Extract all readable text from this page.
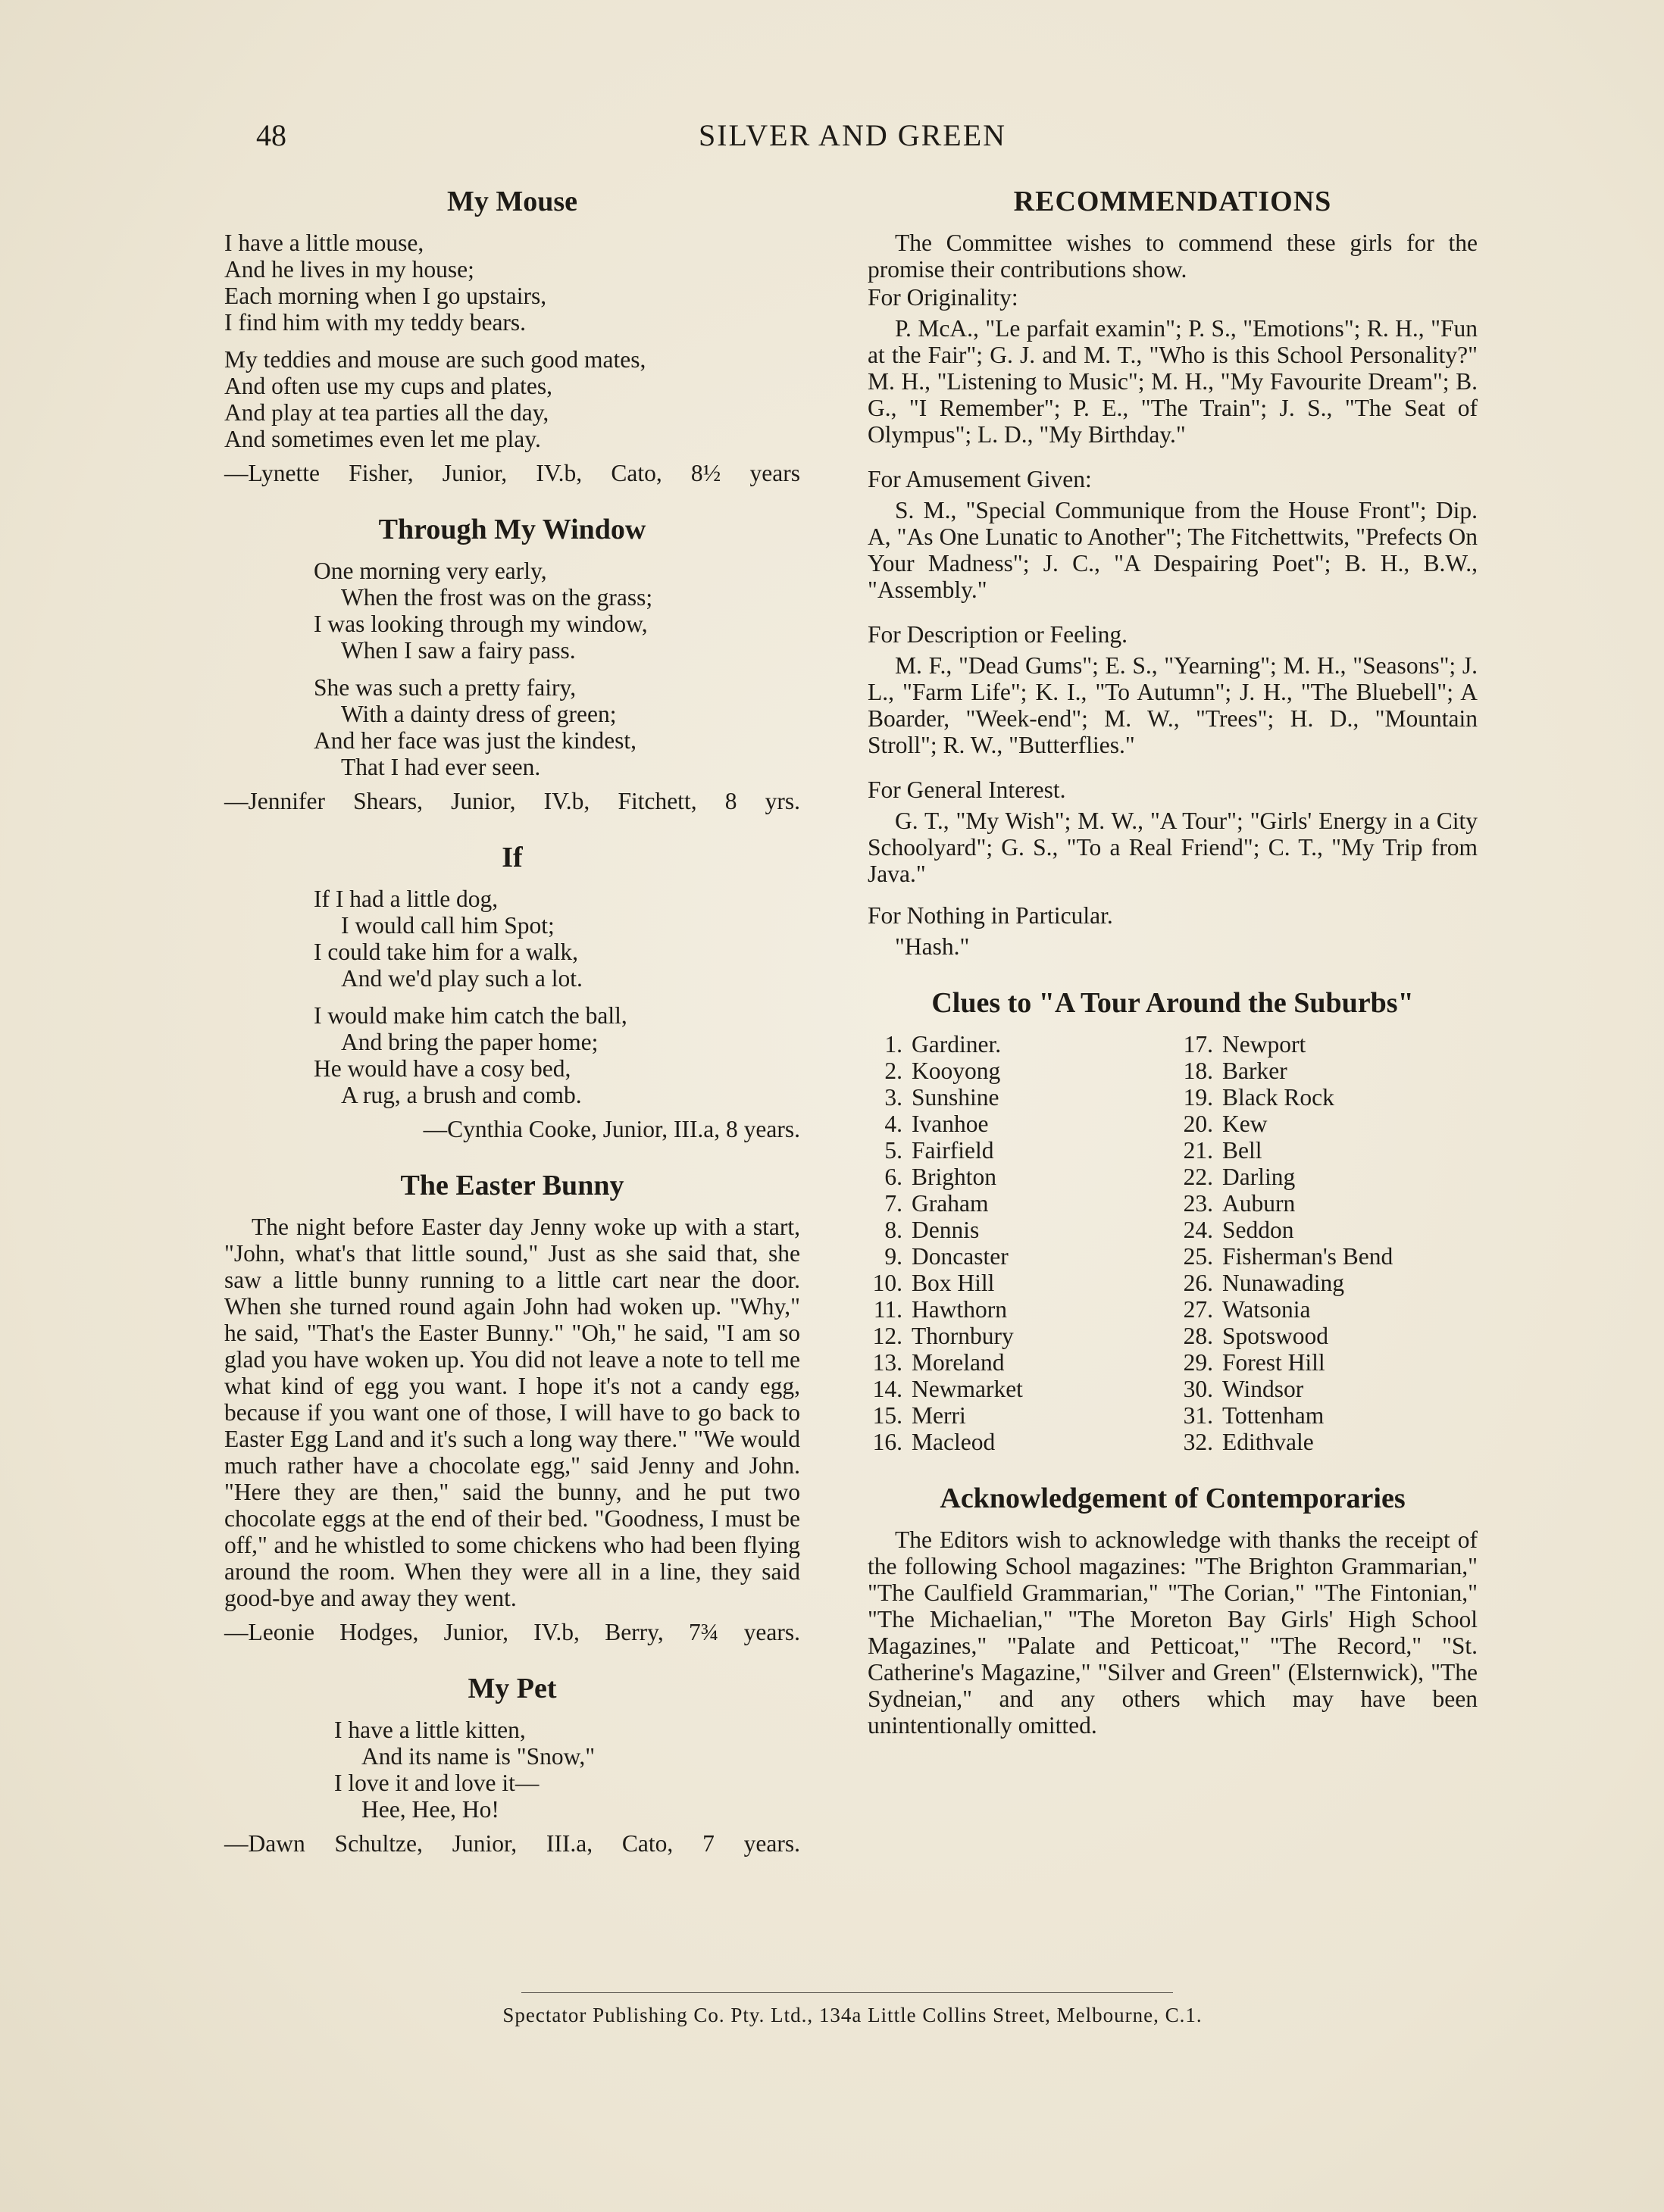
48	SILVER AND GREEN
My Mouse

I have a little mouse,

And he lives in my house;

Each morning when I go upstairs,

I find him with my teddy bears.

My teddies and mouse are such good mates,

And often use my cups and plates,

And play at tea parties all the day,

And sometimes even let me play.

—Lynette Fisher, Junior, IV.b, Cato, 8½ years

Through My Window

One morning very early,

When the frost was on the grass;

I was looking through my window,

When I saw a fairy pass.

She was such a pretty fairy,

With a dainty dress of green;

And her face was just the kindest,

That I had ever seen.

—Jennifer Shears, Junior, IV.b, Fitchett, 8 yrs.

If

If I had a little dog,

I would call him Spot;

I could take him for a walk,

And we'd play such a lot.

I would make him catch the ball,

And bring the paper home;

He would have a cosy bed,

A rug, a brush and comb.

—Cynthia Cooke, Junior, III.a, 8 years.

The Easter Bunny

The night before Easter day Jenny woke up with a start, "John, what's that little sound," Just as she said that, she saw a little bunny running to a little cart near the door. When she turned round again John had woken up. "Why," he said, "That's the Easter Bunny." "Oh," he said, "I am so glad you have woken up. You did not leave a note to tell me what kind of egg you want. I hope it's not a candy egg, because if you want one of those, I will have to go back to Easter Egg Land and it's such a long way there." "We would much rather have a chocolate egg," said Jenny and John. "Here they are then," said the bunny, and he put two chocolate eggs at the end of their bed. "Goodness, I must be off," and he whistled to some chickens who had been flying around the room. When they were all in a line, they said good-bye and away they went.

—Leonie Hodges, Junior, IV.b, Berry, 7¾ years.

My Pet

I have a little kitten,

And its name is "Snow,"

I love it and love it—

Hee, Hee, Ho!

—Dawn Schultze, Junior, III.a, Cato, 7 years.

RECOMMENDATIONS

The Committee wishes to commend these girls for the promise their contributions show.

For Originality:

P. McA., "Le parfait examin"; P. S., "Emotions"; R. H., "Fun at the Fair"; G. J. and M. T., "Who is this School Personality?" M. H., "Listening to Music"; M. H., "My Favourite Dream"; B. G., "I Remember"; P. E., "The Train"; J. S., "The Seat of Olympus"; L. D., "My Birthday."

For Amusement Given:

S. M., "Special Communique from the House Front"; Dip. A, "As One Lunatic to Another"; The Fitchettwits, "Prefects On Your Madness"; J. C., "A Despairing Poet"; B. H., B.W., "Assembly."

For Description or Feeling.

M. F., "Dead Gums"; E. S., "Yearning"; M. H., "Seasons"; J. L., "Farm Life"; K. I., "To Autumn"; J. H., "The Bluebell"; A Boarder, "Week-end"; M. W., "Trees"; H. D., "Mountain Stroll"; R. W., "Butterflies."

For General Interest.

G. T., "My Wish"; M. W., "A Tour"; "Girls' Energy in a City Schoolyard"; G. S., "To a Real Friend"; C. T., "My Trip from Java."

For Nothing in Particular.

"Hash."

Clues to "A Tour Around the Suburbs"
1. Gardiner.
2. Kooyong
3. Sunshine
4. Ivanhoe
5. Fairfield
6. Brighton
7. Graham
8. Dennis
9. Doncaster
10. Box Hill
11. Hawthorn
12. Thornbury
13. Moreland
14. Newmarket
15. Merri
16. Macleod
17. Newport
18. Barker
19. Black Rock
20. Kew
21. Bell
22. Darling
23. Auburn
24. Seddon
25. Fisherman's Bend
26. Nunawading
27. Watsonia
28. Spotswood
29. Forest Hill
30. Windsor
31. Tottenham
32. Edithvale
Acknowledgement of Contemporaries

The Editors wish to acknowledge with thanks the receipt of the following School magazines: "The Brighton Grammarian," "The Caulfield Grammarian," "The Corian," "The Fintonian," "The Michaelian," "The Moreton Bay Girls' High School Magazines," "Palate and Petticoat," "The Record," "St. Catherine's Magazine," "Silver and Green" (Elsternwick), "The Sydneian," and any others which may have been unintentionally omitted.

Spectator Publishing Co. Pty. Ltd., 134a Little Collins Street, Melbourne, C.1.
